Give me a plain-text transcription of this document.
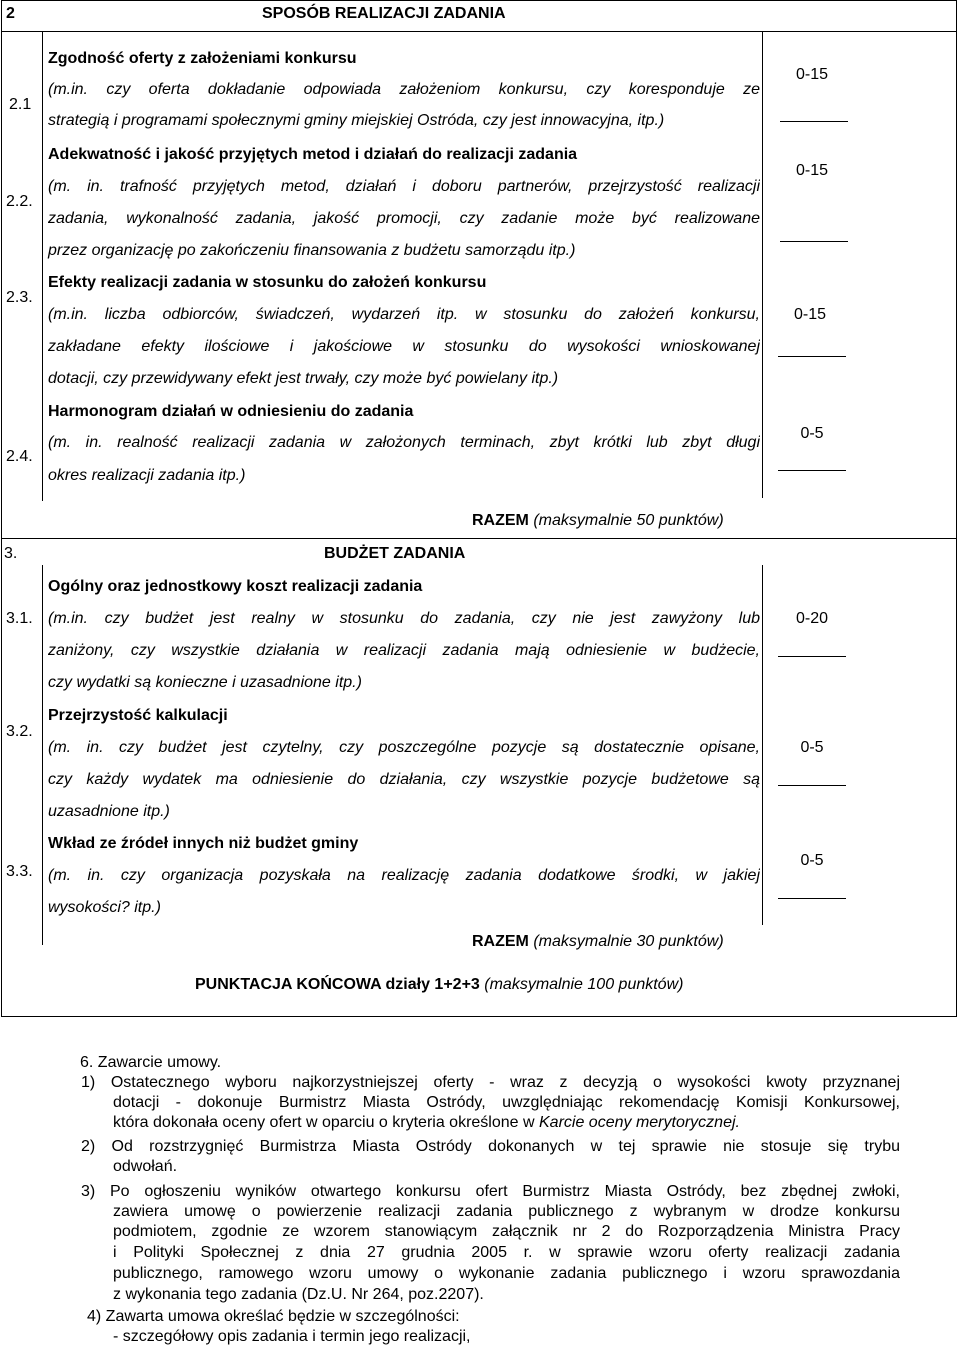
2	SPOSÓB REALIZACJI ZADANIA
2.1
Zgodność oferty z założeniami konkursu
(m.in. czy oferta dokładanie odpowiada założeniom konkursu, czy koresponduje ze
strategią i programami społecznymi gminy miejskiej Ostróda, czy jest innowacyjna, itp.)
0-15
2.2.
Adekwatność i jakość przyjętych metod i działań do realizacji zadania
(m. in. trafność przyjętych metod, działań i doboru partnerów, przejrzystość realizacji
zadania, wykonalność zadania, jakość promocji, czy zadanie może być realizowane
przez organizację po zakończeniu finansowania z budżetu samorządu itp.)
0-15
2.3.
Efekty realizacji zadania w stosunku do założeń konkursu
(m.in. liczba odbiorców, świadczeń, wydarzeń itp. w stosunku do założeń konkursu,
zakładane efekty ilościowe i jakościowe w stosunku do wysokości wnioskowanej
dotacji, czy przewidywany efekt jest trwały, czy może być powielany itp.)
0-15
2.4.
Harmonogram działań w odniesieniu do zadania
(m. in. realność realizacji zadania w założonych terminach, zbyt krótki lub zbyt długi
okres realizacji zadania itp.)
0-5
RAZEM (maksymalnie 50 punktów)
3.	BUDŻET ZADANIA
3.1.
Ogólny oraz jednostkowy koszt realizacji zadania
(m.in. czy budżet jest realny w stosunku do zadania, czy nie jest zawyżony lub
zaniżony, czy wszystkie działania w realizacji zadania mają odniesienie w budżecie,
czy wydatki są konieczne i uzasadnione itp.)
0-20
3.2.
Przejrzystość kalkulacji
(m. in. czy budżet jest czytelny, czy poszczególne pozycje są dostatecznie opisane,
czy każdy wydatek ma odniesienie do działania, czy wszystkie pozycje budżetowe są
uzasadnione itp.)
0-5
3.3.
Wkład ze źródeł innych niż budżet gminy
(m. in. czy organizacja pozyskała na realizację zadania dodatkowe środki, w jakiej
wysokości? itp.)
0-5
RAZEM (maksymalnie 30 punktów)
PUNKTACJA KOŃCOWA działy 1+2+3 (maksymalnie 100 punktów)
6. Zawarcie umowy.
1) Ostatecznego wyboru najkorzystniejszej oferty - wraz z decyzją o wysokości kwoty przyznanej
dotacji - dokonuje Burmistrz Miasta Ostródy, uwzględniając rekomendację Komisji Konkursowej,
która dokonała oceny ofert w oparciu o kryteria określone w Karcie oceny merytorycznej.
2) Od rozstrzygnięć Burmistrza Miasta Ostródy dokonanych w tej sprawie nie stosuje się trybu
odwołań.
3) Po ogłoszeniu wyników otwartego konkursu ofert Burmistrz Miasta Ostródy, bez zbędnej zwłoki,
zawiera umowę o powierzenie realizacji zadania publicznego z wybranym w drodze konkursu
podmiotem, zgodnie ze wzorem stanowiącym załącznik nr 2 do Rozporządzenia Ministra Pracy
i Polityki Społecznej z dnia 27 grudnia 2005 r. w sprawie wzoru oferty realizacji zadania
publicznego, ramowego wzoru umowy o wykonanie zadania publicznego i wzoru sprawozdania
z wykonania tego zadania (Dz.U. Nr 264, poz.2207).
4) Zawarta umowa określać będzie w szczególności:
- szczegółowy opis zadania i termin jego realizacji,
